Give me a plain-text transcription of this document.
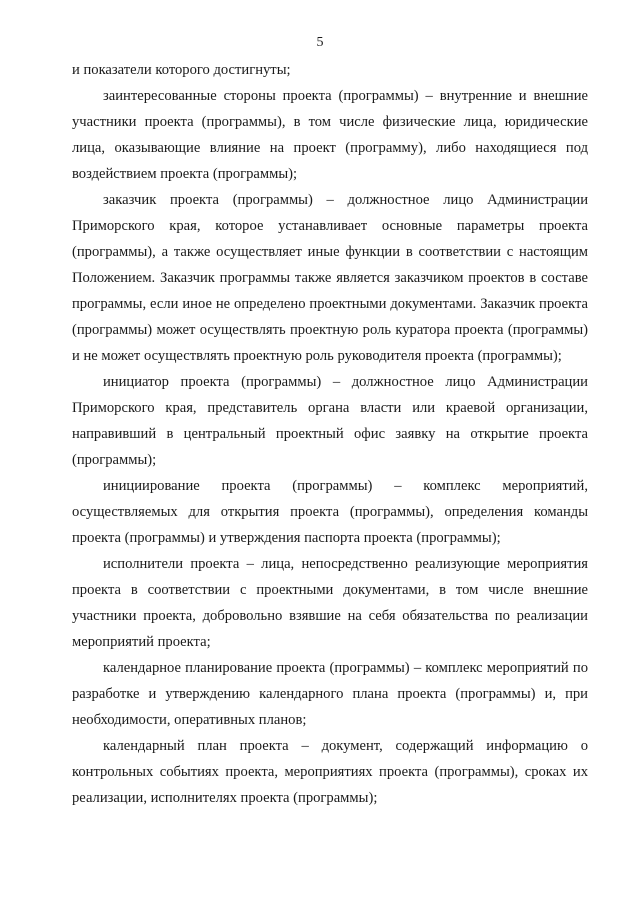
5

и показатели которого достигнуты;

заинтересованные стороны проекта (программы) – внутренние и внешние участники проекта (программы), в том числе физические лица, юридические лица, оказывающие влияние на проект (программу), либо находящиеся под воздействием проекта (программы);

заказчик проекта (программы) – должностное лицо Администрации Приморского края, которое устанавливает основные параметры проекта (программы), а также осуществляет иные функции в соответствии с настоящим Положением. Заказчик программы также является заказчиком проектов в составе программы, если иное не определено проектными документами. Заказчик проекта (программы) может осуществлять проектную роль куратора проекта (программы) и не может осуществлять проектную роль руководителя проекта (программы);

инициатор проекта (программы) – должностное лицо Администрации Приморского края, представитель органа власти или краевой организации, направивший в центральный проектный офис заявку на открытие проекта (программы);

инициирование проекта (программы) – комплекс мероприятий, осуществляемых для открытия проекта (программы), определения команды проекта (программы) и утверждения паспорта проекта (программы);

исполнители проекта – лица, непосредственно реализующие мероприятия проекта в соответствии с проектными документами, в том числе внешние участники проекта, добровольно взявшие на себя обязательства по реализации мероприятий проекта;

календарное планирование проекта (программы) – комплекс мероприятий по разработке и утверждению календарного плана проекта (программы) и, при необходимости, оперативных планов;

календарный план проекта – документ, содержащий информацию о контрольных событиях проекта, мероприятиях проекта (программы), сроках их реализации, исполнителях проекта (программы);
